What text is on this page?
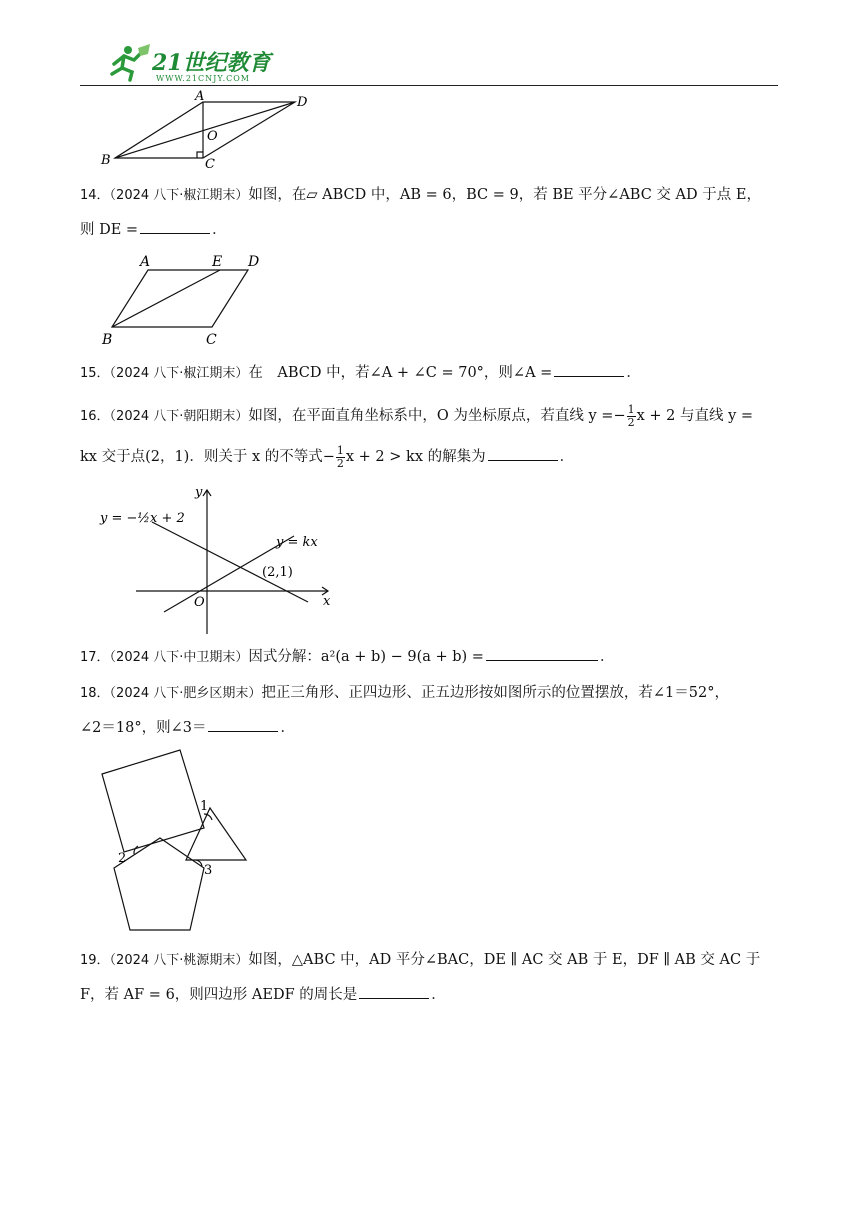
21世纪教育
WWW.21CNJY.COM
A	D
O
B	C
14．（2024 八下·椒江期末）如图，在▱ ABCD 中，AB = 6，BC = 9，若 BE 平分∠ABC 交 AD 于点 E，
则 DE =	．
A	E D
B	C
15．（2024 八下·椒江期末）在　ABCD 中，若∠A + ∠C = 70°，则∠A =	．
16．（2024 八下·朝阳期末）如图，在平面直角坐标系中，O 为坐标原点，若直线 $y =- \frac{1}{2}$ x + 2 与直线 y =
kx 交于点(2，1)．则关于 x 的不等式− $\frac{1}{2}$ x + 2 > kx 的解集为	．
y = −½x + 2
y = kx
(2,1)
x
y
O
17．（2024 八下·中卫期末）因式分解：a²(a + b) − 9(a + b) =	．
18．（2024 八下·肥乡区期末）把正三角形、正四边形、正五边形按如图所示的位置摆放，若∠1＝52°，
∠2＝18°，则∠3＝	．
1
2
3
19．（2024 八下·桃源期末）如图，△ABC 中，AD 平分∠BAC，DE ∥ AC 交 AB 于 E，DF ∥ AB 交 AC 于
F，若 AF = 6，则四边形 AEDF 的周长是	．
